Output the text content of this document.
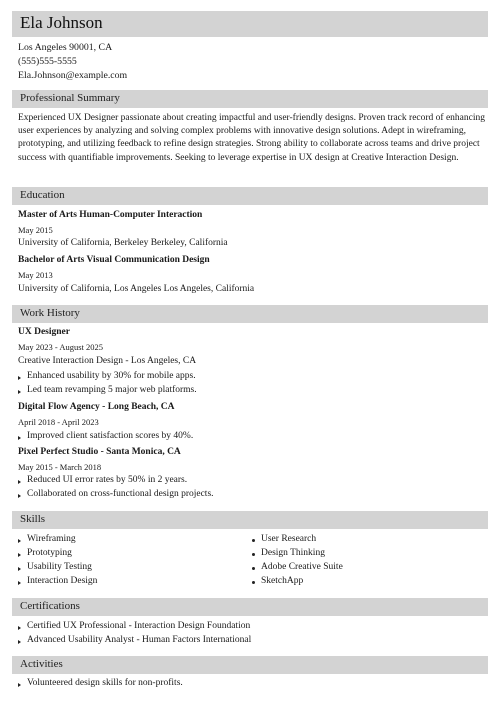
Ela Johnson
Los Angeles 90001, CA
(555)555-5555
Ela.Johnson@example.com
Professional Summary
Experienced UX Designer passionate about creating impactful and user-friendly designs. Proven track record of enhancing user experiences by analyzing and solving complex problems with innovative design solutions. Adept in wireframing, prototyping, and utilizing feedback to refine design strategies. Strong ability to collaborate across teams and drive project success with quantifiable improvements. Seeking to leverage expertise in UX design at Creative Interaction Design.
Education
Master of Arts Human-Computer Interaction
May 2015
University of California, Berkeley Berkeley, California
Bachelor of Arts Visual Communication Design
May 2013
University of California, Los Angeles Los Angeles, California
Work History
UX Designer
May 2023 - August 2025
Creative Interaction Design - Los Angeles, CA
Enhanced usability by 30% for mobile apps.
Led team revamping 5 major web platforms.
Digital Flow Agency - Long Beach, CA
April 2018 - April 2023
Improved client satisfaction scores by 40%.
Pixel Perfect Studio - Santa Monica, CA
May 2015 - March 2018
Reduced UI error rates by 50% in 2 years.
Collaborated on cross-functional design projects.
Skills
Wireframing
Prototyping
Usability Testing
Interaction Design
User Research
Design Thinking
Adobe Creative Suite
SketchApp
Certifications
Certified UX Professional - Interaction Design Foundation
Advanced Usability Analyst - Human Factors International
Activities
Volunteered design skills for non-profits.
